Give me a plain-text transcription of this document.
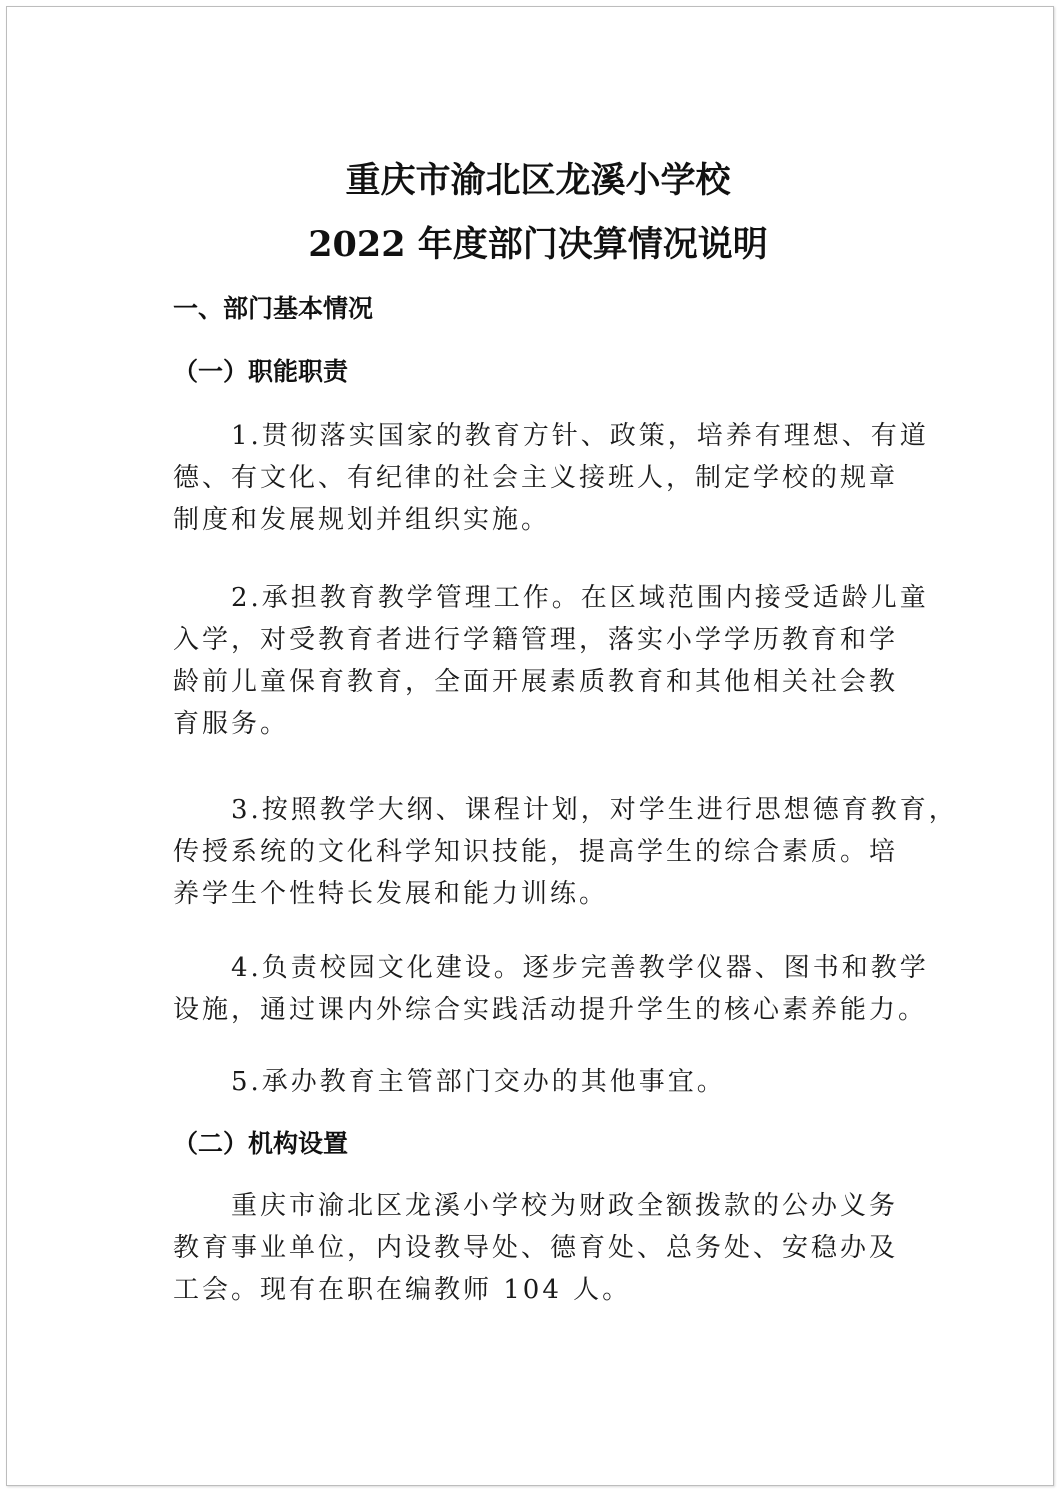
重庆市渝北区龙溪小学校
2022 年度部门决算情况说明
一、部门基本情况
（一）职能职责
1.贯彻落实国家的教育方针、政策，培养有理想、有道
德、有文化、有纪律的社会主义接班人，制定学校的规章
制度和发展规划并组织实施。
2.承担教育教学管理工作。在区域范围内接受适龄儿童
入学，对受教育者进行学籍管理，落实小学学历教育和学
龄前儿童保育教育，全面开展素质教育和其他相关社会教
育服务。
3.按照教学大纲、课程计划，对学生进行思想德育教育，
传授系统的文化科学知识技能，提高学生的综合素质。培
养学生个性特长发展和能力训练。
4.负责校园文化建设。逐步完善教学仪器、图书和教学
设施，通过课内外综合实践活动提升学生的核心素养能力。
5.承办教育主管部门交办的其他事宜。
（二）机构设置
重庆市渝北区龙溪小学校为财政全额拨款的公办义务
教育事业单位，内设教导处、德育处、总务处、安稳办及
工会。现有在职在编教师 104 人。
